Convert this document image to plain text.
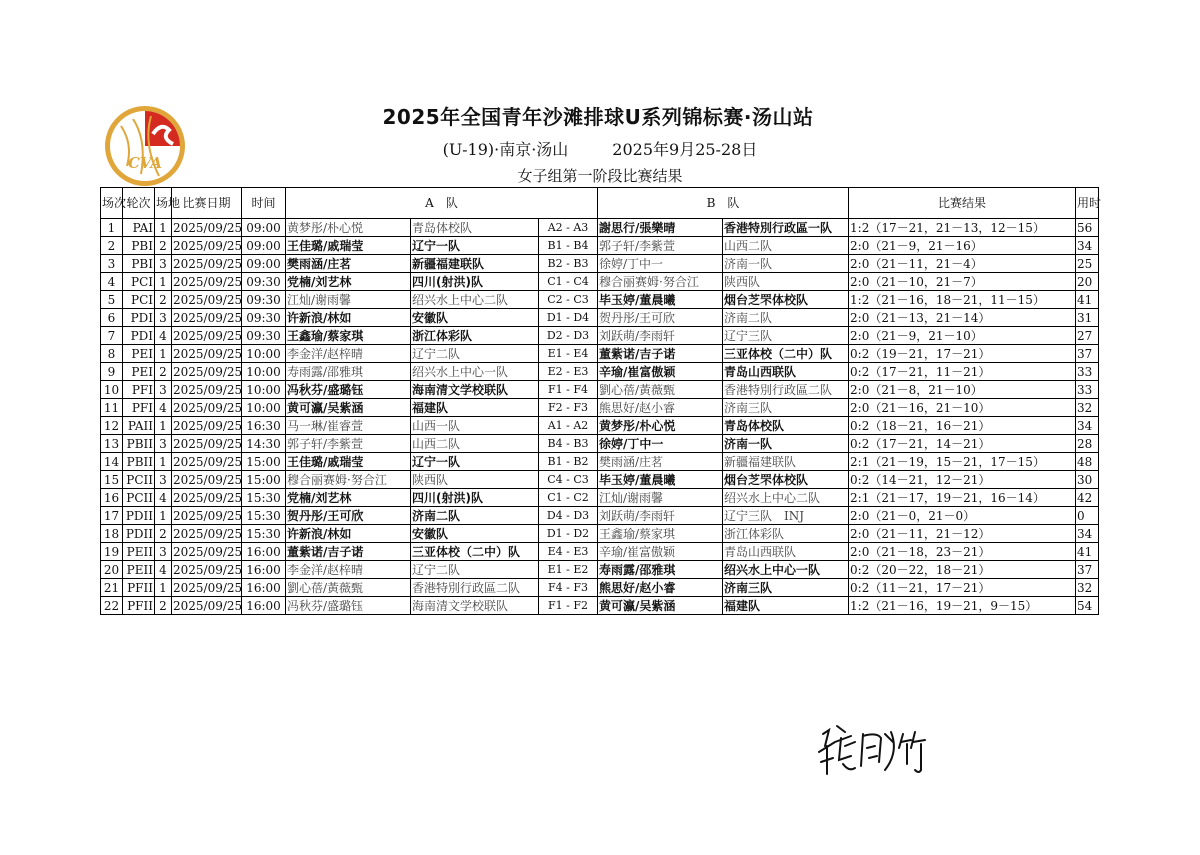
CVA
2025年全国青年沙滩排球U系列锦标赛·汤山站
(U-19)·南京·汤山	2025年9月25-28日
女子组第一阶段比赛结果
场次	轮次	场地	比赛日期	时间	A　队			B　队		比赛结果	用时
1	PAI	1	2025/09/25	09:00	黄梦彤/朴心悦	青岛体校队	A2 - A3	謝思行/張樂晴	香港特別行政區一队	1:2（17－21，21－13，12－15）	56
2	PBI	2	2025/09/25	09:00	王佳璐/戚瑞莹	辽宁一队	B1 - B4	郭子轩/李紫萱	山西二队	2:0（21－9，21－16）	34
3	PBI	3	2025/09/25	09:00	樊雨涵/庄茗	新疆福建联队	B2 - B3	徐婷/丁中一	济南一队	2:0（21－11，21－4）	25
4	PCI	1	2025/09/25	09:30	党楠/刘艺林	四川(射洪)队	C1 - C4	穆合丽赛姆·努合江	陕西队	2:0（21－10，21－7）	20
5	PCI	2	2025/09/25	09:30	江灿/谢雨馨	绍兴水上中心二队	C2 - C3	毕玉婷/董晨曦	烟台芝罘体校队	1:2（21－16，18－21，11－15）	41
6	PDI	3	2025/09/25	09:30	许新浪/林如	安徽队	D1 - D4	贺丹彤/王可欣	济南二队	2:0（21－13，21－14）	31
7	PDI	4	2025/09/25	09:30	王鑫瑜/蔡家琪	浙江体彩队	D2 - D3	刘跃萌/李雨轩	辽宁三队	2:0（21－9，21－10）	27
8	PEI	1	2025/09/25	10:00	李金洋/赵梓晴	辽宁二队	E1 - E4	董紫诺/吉子诺	三亚体校（二中）队	0:2（19－21，17－21）	37
9	PEI	2	2025/09/25	10:00	寿雨露/邵雅琪	绍兴水上中心一队	E2 - E3	辛瑜/崔富傲颖	青岛山西联队	0:2（17－21，11－21）	33
10	PFI	3	2025/09/25	10:00	冯秋芬/盛璐钰	海南清文学校联队	F1 - F4	劉心蓓/黃薇甄	香港特別行政區二队	2:0（21－8，21－10）	33
11	PFI	4	2025/09/25	10:00	黄可瀛/吴紫涵	福建队	F2 - F3	熊思好/赵小睿	济南三队	2:0（21－16，21－10）	32
12	PAII	1	2025/09/25	16:30	马一琳/崔睿萱	山西一队	A1 - A2	黄梦彤/朴心悦	青岛体校队	0:2（18－21，16－21）	34
13	PBII	3	2025/09/25	14:30	郭子轩/李紫萱	山西二队	B4 - B3	徐婷/丁中一	济南一队	0:2（17－21，14－21）	28
14	PBII	1	2025/09/25	15:00	王佳璐/戚瑞莹	辽宁一队	B1 - B2	樊雨涵/庄茗	新疆福建联队	2:1（21－19，15－21，17－15）	48
15	PCII	3	2025/09/25	15:00	穆合丽赛姆·努合江	陕西队	C4 - C3	毕玉婷/董晨曦	烟台芝罘体校队	0:2（14－21，12－21）	30
16	PCII	4	2025/09/25	15:30	党楠/刘艺林	四川(射洪)队	C1 - C2	江灿/谢雨馨	绍兴水上中心二队	2:1（21－17，19－21，16－14）	42
17	PDII	1	2025/09/25	15:30	贺丹彤/王可欣	济南二队	D4 - D3	刘跃萌/李雨轩	辽宁三队　INJ	2:0（21－0，21－0）	0
18	PDII	2	2025/09/25	15:30	许新浪/林如	安徽队	D1 - D2	王鑫瑜/蔡家琪	浙江体彩队	2:0（21－11，21－12）	34
19	PEII	3	2025/09/25	16:00	董紫诺/吉子诺	三亚体校（二中）队	E4 - E3	辛瑜/崔富傲颖	青岛山西联队	2:0（21－18，23－21）	41
20	PEII	4	2025/09/25	16:00	李金洋/赵梓晴	辽宁二队	E1 - E2	寿雨露/邵雅琪	绍兴水上中心一队	0:2（20－22，18－21）	37
21	PFII	1	2025/09/25	16:00	劉心蓓/黃薇甄	香港特別行政區二队	F4 - F3	熊思好/赵小睿	济南三队	0:2（11－21，17－21）	32
22	PFII	2	2025/09/25	16:00	冯秋芬/盛璐钰	海南清文学校联队	F1 - F2	黄可瀛/吴紫涵	福建队	1:2（21－16，19－21，9－15）	54
